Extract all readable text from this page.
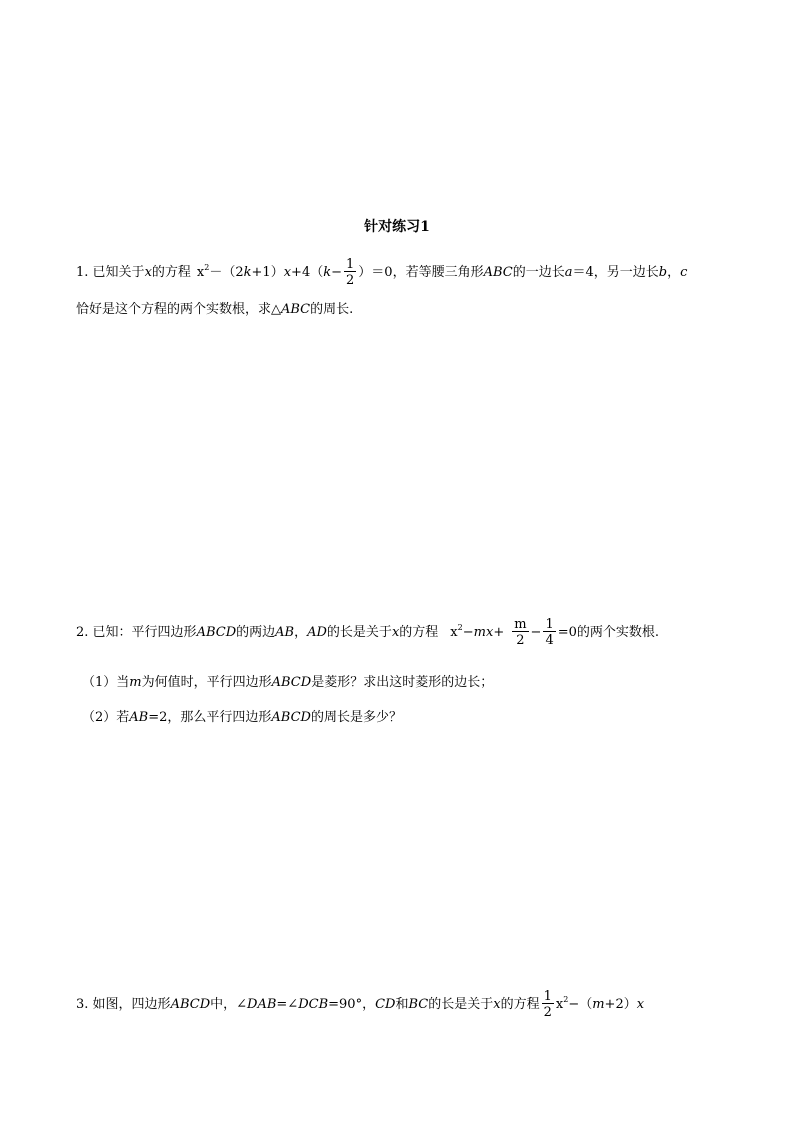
针对练习1
1. 已知关于x的方程 $x^2-(2k+1)x+4(k- \frac{1}{2} )=0$，若等腰三角形ABC的一边长a＝4，另一边长b，c
恰好是这个方程的两个实数根，求△ABC的周长.
2. 已知：平行四边形ABCD的两边AB，AD的长是关于x的方程 $x^2-mx+ \frac{m}{2} - \frac{1}{4} =0$的两个实数根.
（1）当m为何值时，平行四边形ABCD是菱形？求出这时菱形的边长；
（2）若AB=2，那么平行四边形ABCD的周长是多少？
3. 如图，四边形ABCD中，∠DAB=∠DCB=90°，CD和BC的长是关于x的方程 $\frac{1}{2} x^2-(m+2)x$
